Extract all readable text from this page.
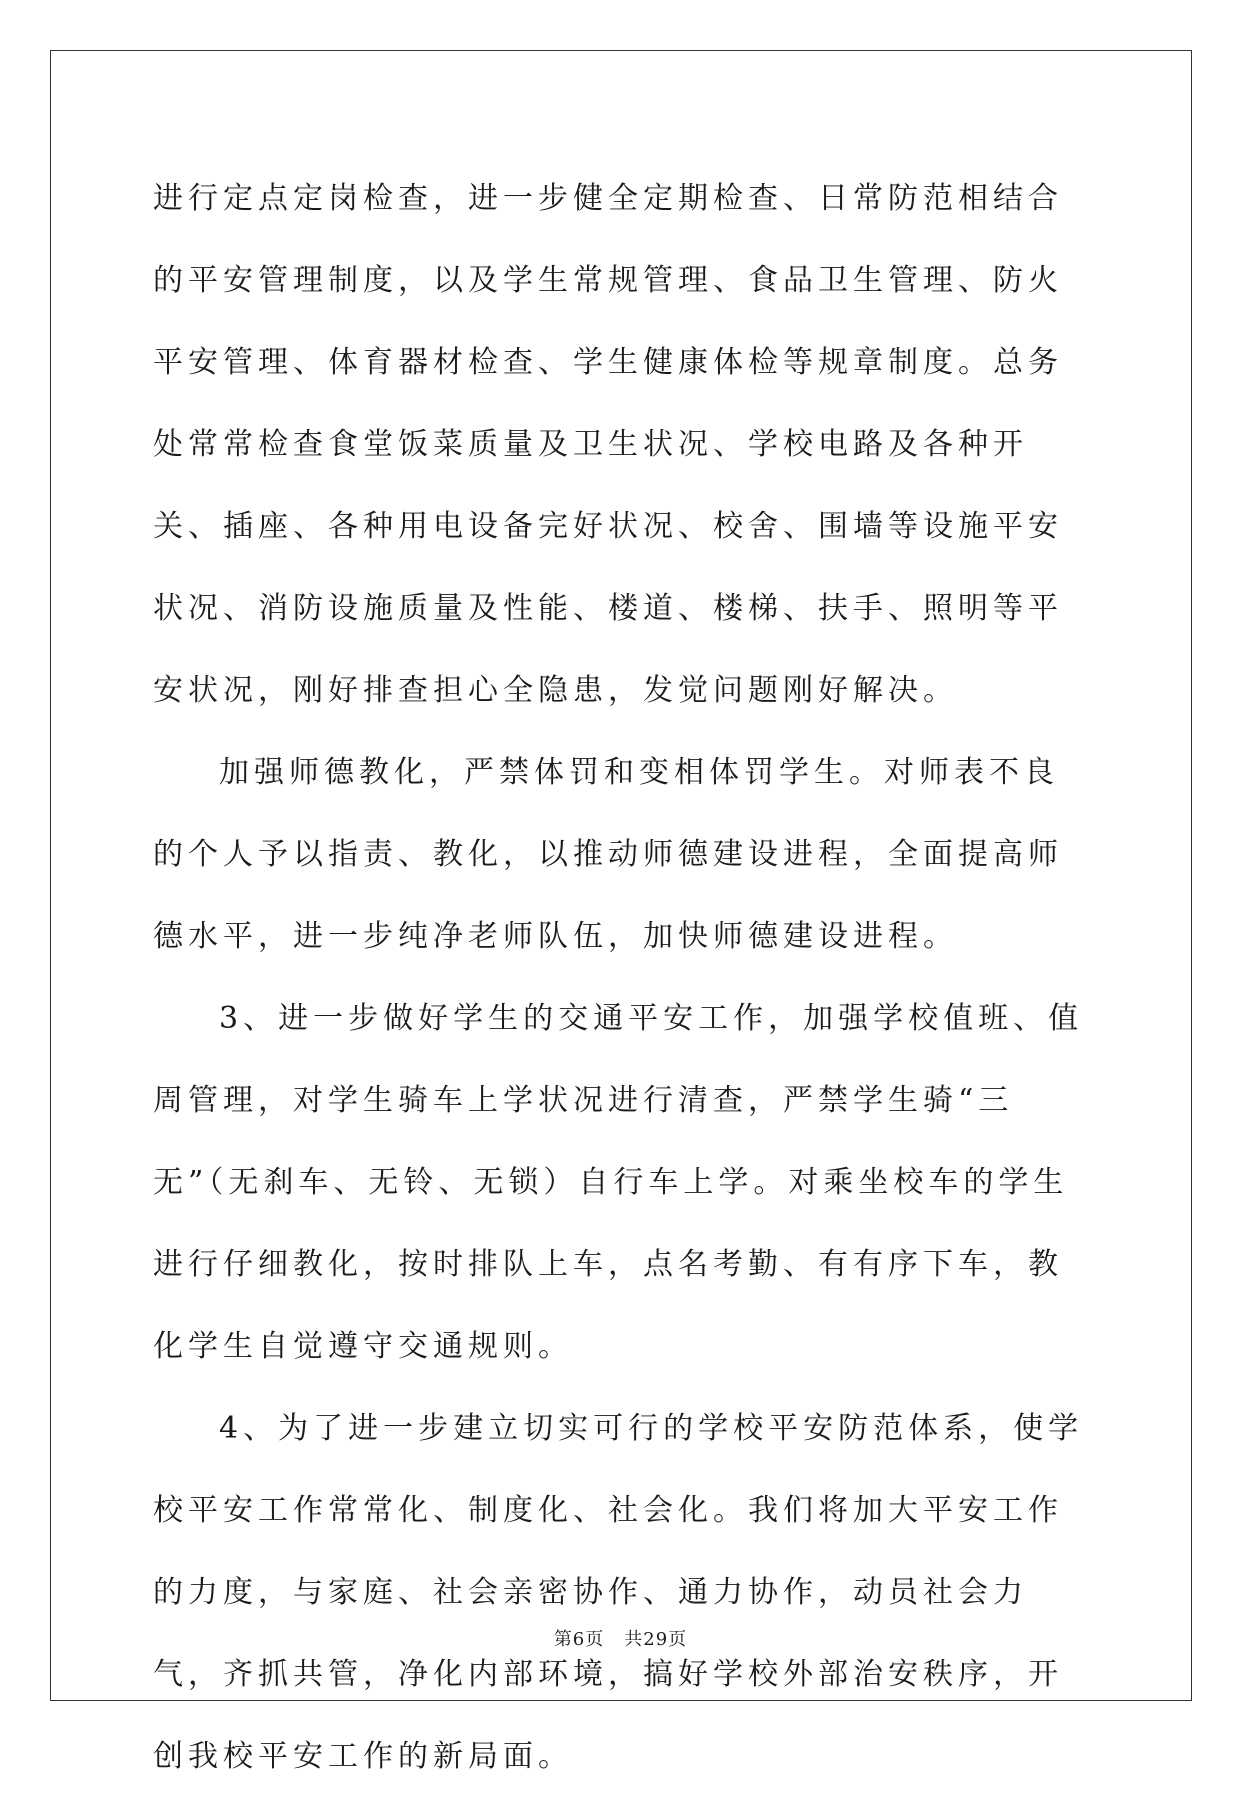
进行定点定岗检查，进一步健全定期检查、日常防范相结合的平安管理制度，以及学生常规管理、食品卫生管理、防火平安管理、体育器材检查、学生健康体检等规章制度。总务处常常检查食堂饭菜质量及卫生状况、学校电路及各种开关、插座、各种用电设备完好状况、校舍、围墙等设施平安状况、消防设施质量及性能、楼道、楼梯、扶手、照明等平安状况，刚好排查担心全隐患，发觉问题刚好解决。

加强师德教化，严禁体罚和变相体罚学生。对师表不良的个人予以指责、教化，以推动师德建设进程，全面提高师德水平，进一步纯净老师队伍，加快师德建设进程。

3、进一步做好学生的交通平安工作，加强学校值班、值周管理，对学生骑车上学状况进行清查，严禁学生骑“三无”（无刹车、无铃、无锁）自行车上学。对乘坐校车的学生进行仔细教化，按时排队上车，点名考勤、有有序下车，教化学生自觉遵守交通规则。

4、为了进一步建立切实可行的学校平安防范体系，使学校平安工作常常化、制度化、社会化。我们将加大平安工作的力度，与家庭、社会亲密协作、通力协作，动员社会力气，齐抓共管，净化内部环境，搞好学校外部治安秩序，开创我校平安工作的新局面。

第6页 共29页
